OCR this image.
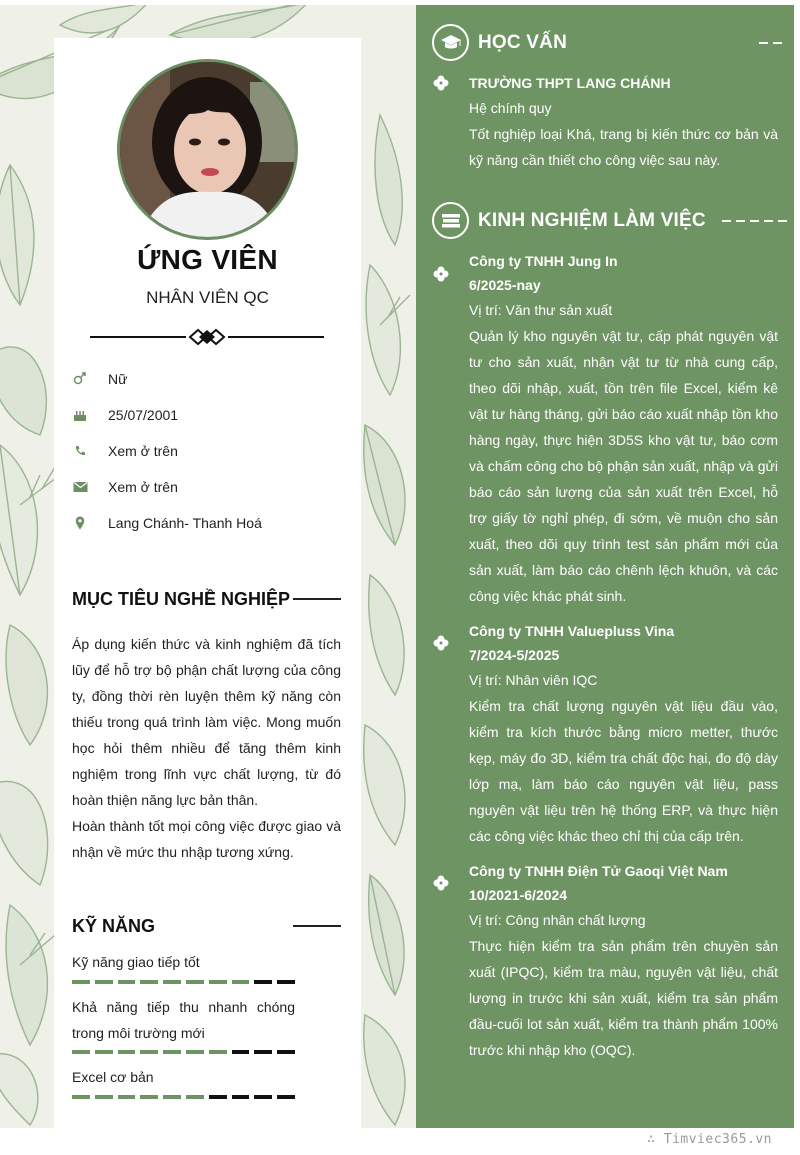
ỨNG VIÊN
NHÂN VIÊN QC
Nữ
25/07/2001
Xem ở trên
Xem ở trên
Lang Chánh- Thanh Hoá
MỤC TIÊU NGHỀ NGHIỆP
Áp dụng kiến thức và kinh nghiệm đã tích lũy để hỗ trợ bộ phận chất lượng của công ty, đồng thời rèn luyện thêm kỹ năng còn thiếu trong quá trình làm việc. Mong muốn học hỏi thêm nhiều để tăng thêm kinh nghiệm trong lĩnh vực chất lượng, từ đó hoàn thiện năng lực bản thân.
Hoàn thành tốt mọi công việc được giao và nhận về mức thu nhập tương xứng.
KỸ NĂNG
Kỹ năng giao tiếp tốt
Khả năng tiếp thu nhanh chóng trong môi trường mới
Excel cơ bản
HỌC VẤN
TRƯỜNG THPT LANG CHÁNH
Hệ chính quy
Tốt nghiệp loại Khá, trang bị kiến thức cơ bản và kỹ năng cần thiết cho công việc sau này.
KINH NGHIỆM LÀM VIỆC
Công ty TNHH Jung In
6/2025-nay
Vị trí: Văn thư sản xuất
Quản lý kho nguyên vật tư, cấp phát nguyên vật tư cho sản xuất, nhận vật tư từ nhà cung cấp, theo dõi nhập, xuất, tồn trên file Excel, kiểm kê vật tư hàng tháng, gửi báo cáo xuất nhập tồn kho hàng ngày, thực hiện 3D5S kho vật tư, báo cơm và chấm công cho bộ phận sản xuất, nhập và gửi báo cáo sản lượng của sản xuất trên Excel, hỗ trợ giấy tờ nghỉ phép, đi sớm, về muộn cho sản xuất, theo dõi quy trình test sản phẩm mới của sản xuất, làm báo cáo chênh lệch khuôn, và các công việc khác phát sinh.
Công ty TNHH Valuepluss Vina
7/2024-5/2025
Vị trí: Nhân viên IQC
Kiểm tra chất lượng nguyên vật liệu đầu vào, kiểm tra kích thước bằng micro metter, thước kẹp, máy đo 3D, kiểm tra chất độc hại, đo độ dày lớp mạ, làm báo cáo nguyên vật liệu, pass nguyên vật liệu trên hệ thống ERP, và thực hiện các công việc khác theo chỉ thị của cấp trên.
Công ty TNHH Điện Tử Gaoqi Việt Nam
10/2021-6/2024
Vị trí: Công nhân chất lượng
Thực hiện kiểm tra sản phẩm trên chuyền sản xuất (IPQC), kiểm tra màu, nguyên vật liệu, chất lượng in trước khi sản xuất, kiểm tra sản phẩm đầu-cuối lot sản xuất, kiểm tra thành phẩm 100% trước khi nhập kho (OQC).
∴ Timviec365.vn
